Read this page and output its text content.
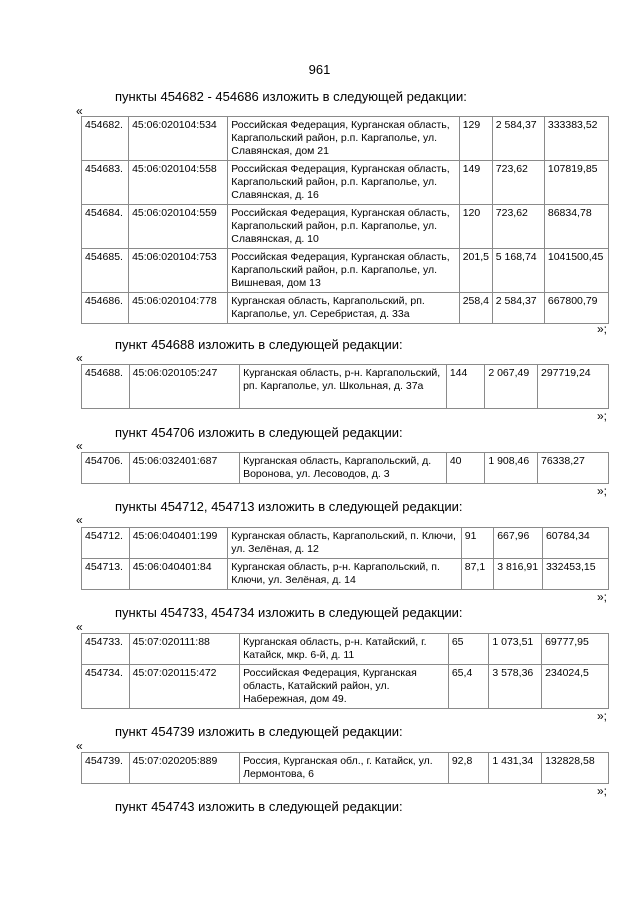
961
пункты 454682 - 454686 изложить в следующей редакции:
«
454682.	45:06:020104:534	Российская Федерация, Курганская область, Каргапольский район, р.п. Каргаполье, ул. Славянская, дом 21	129	2 584,37	333383,52
454683.	45:06:020104:558	Российская Федерация, Курганская область, Каргапольский район, р.п. Каргаполье, ул. Славянская, д. 16	149	723,62	107819,85
454684.	45:06:020104:559	Российская Федерация, Курганская область, Каргапольский район, р.п. Каргаполье, ул. Славянская, д. 10	120	723,62	86834,78
454685.	45:06:020104:753	Российская Федерация, Курганская область, Каргапольский район, р.п. Каргаполье, ул. Вишневая, дом 13	201,5	5 168,74	1041500,45
454686.	45:06:020104:778	Курганская область, Каргапольский, рп. Каргаполье, ул. Серебристая, д. 33а	258,4	2 584,37	667800,79
»;
пункт 454688 изложить в следующей редакции:
«
454688.	45:06:020105:247	Курганская область, р-н. Каргапольский, рп. Каргаполье, ул. Школьная, д. 37а	144	2 067,49	297719,24
»;
пункт 454706 изложить в следующей редакции:
«
454706.	45:06:032401:687	Курганская область, Каргапольский, д. Воронова, ул. Лесоводов, д. 3	40	1 908,46	76338,27
»;
пункты 454712, 454713 изложить в следующей редакции:
«
454712.	45:06:040401:199	Курганская область, Каргапольский, п. Ключи, ул. Зелёная, д. 12	91	667,96	60784,34
454713.	45:06:040401:84	Курганская область, р-н. Каргапольский, п. Ключи, ул. Зелёная, д. 14	87,1	3 816,91	332453,15
»;
пункты 454733, 454734 изложить в следующей редакции:
«
454733.	45:07:020111:88	Курганская область, р-н. Катайский, г. Катайск, мкр. 6-й, д. 11	65	1 073,51	69777,95
454734.	45:07:020115:472	Российская Федерация, Курганская область, Катайский район, ул. Набережная, дом 49.	65,4	3 578,36	234024,5
»;
пункт 454739 изложить в следующей редакции:
«
454739.	45:07:020205:889	Россия, Курганская обл., г. Катайск, ул. Лермонтова, 6	92,8	1 431,34	132828,58
»;
пункт 454743 изложить в следующей редакции:
